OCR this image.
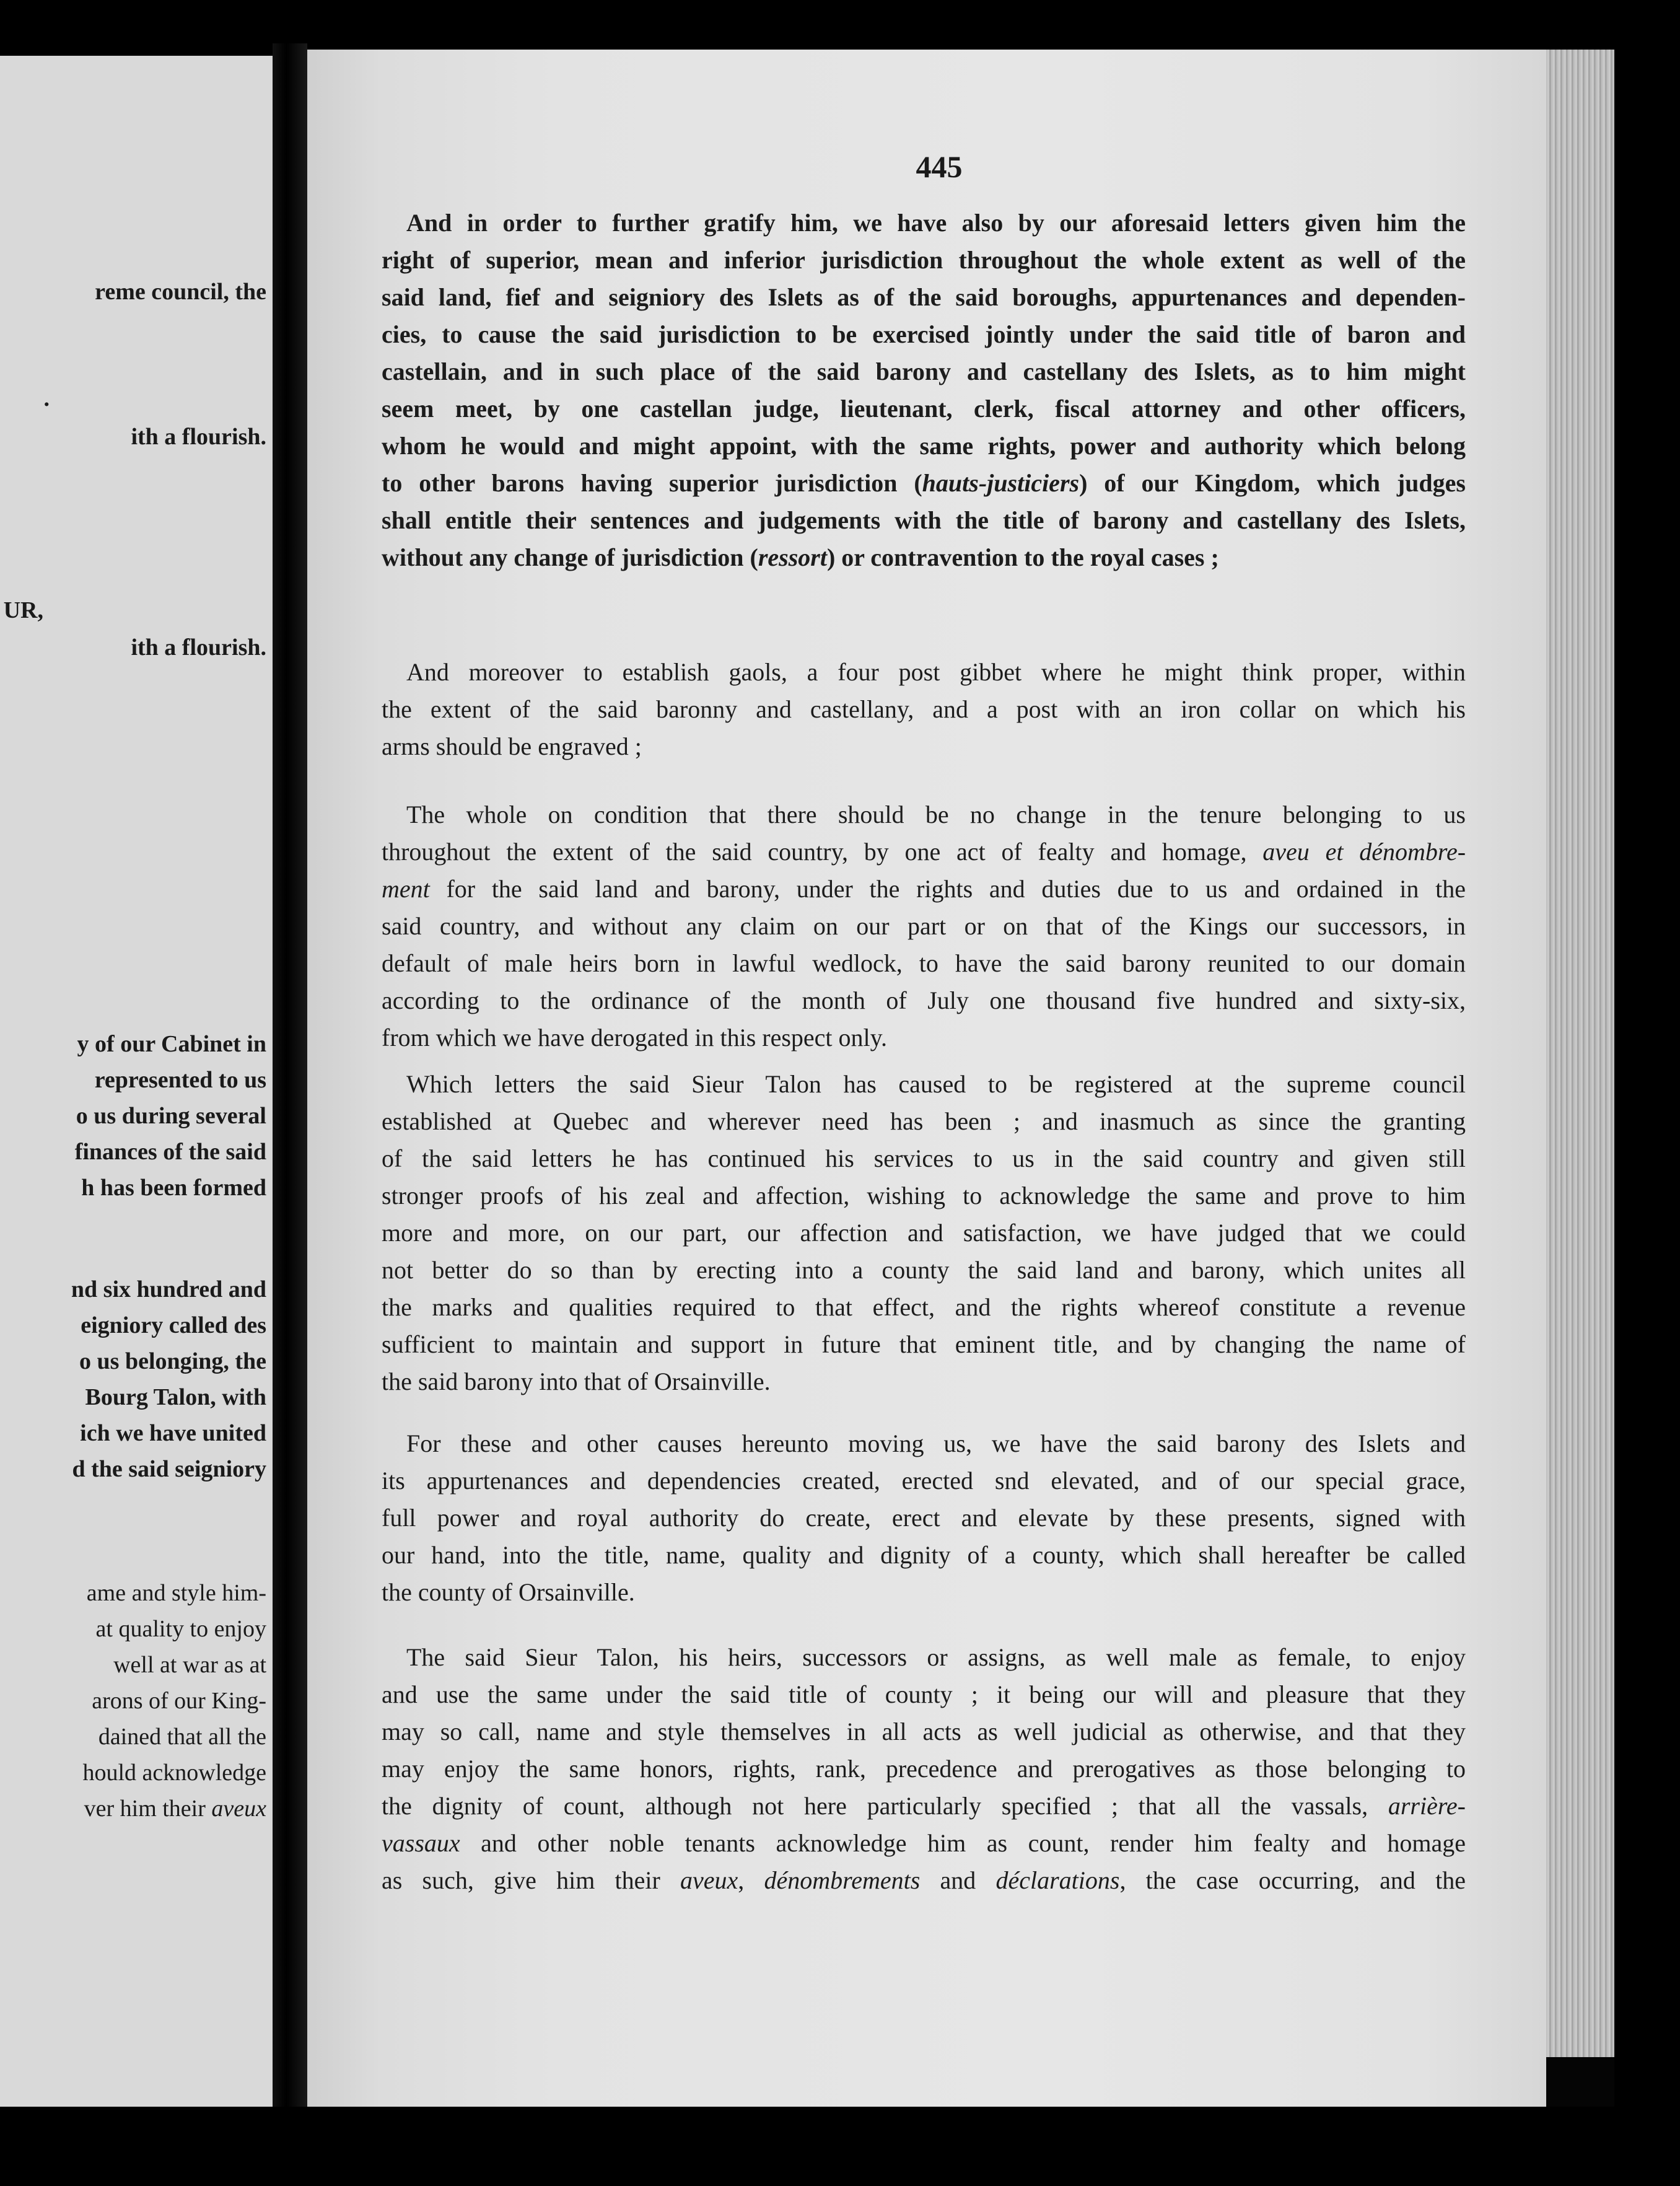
reme council, the
.
ith a flourish.
UR,
ith a flourish.
y of our Cabinet in
represented to us
o us during several
finances of the said
h has been formed
nd six hundred and
eigniory called des
o us belonging, the
Bourg Talon, with
ich we have united
d the said seigniory
ame and style him-
at quality to enjoy
well at war as at
arons of our King-
dained that all the
hould acknowledge
ver him their aveux
445
And in order to further gratify him, we have also by our aforesaid letters given him the
right of superior, mean and inferior jurisdiction throughout the whole extent as well of the
said land, fief and seigniory des Islets as of the said boroughs, appurtenances and dependen-
cies, to cause the said jurisdiction to be exercised jointly under the said title of baron and
castellain, and in such place of the said barony and castellany des Islets, as to him might
seem meet, by one castellan judge, lieutenant, clerk, fiscal attorney and other officers,
whom he would and might appoint, with the same rights, power and authority which belong
to other barons having superior jurisdiction (hauts-justiciers) of our Kingdom, which judges
shall entitle their sentences and judgements with the title of barony and castellany des Islets,
without any change of jurisdiction (ressort) or contravention to the royal cases ;
And moreover to establish gaols, a four post gibbet where he might think proper, within
the extent of the said baronny and castellany, and a post with an iron collar on which his
arms should be engraved ;
The whole on condition that there should be no change in the tenure belonging to us
throughout the extent of the said country, by one act of fealty and homage, aveu et dénombre-
ment for the said land and barony, under the rights and duties due to us and ordained in the
said country, and without any claim on our part or on that of the Kings our successors, in
default of male heirs born in lawful wedlock, to have the said barony reunited to our domain
according to the ordinance of the month of July one thousand five hundred and sixty-six,
from which we have derogated in this respect only.
Which letters the said Sieur Talon has caused to be registered at the supreme council
established at Quebec and wherever need has been ; and inasmuch as since the granting
of the said letters he has continued his services to us in the said country and given still
stronger proofs of his zeal and affection, wishing to acknowledge the same and prove to him
more and more, on our part, our affection and satisfaction, we have judged that we could
not better do so than by erecting into a county the said land and barony, which unites all
the marks and qualities required to that effect, and the rights whereof constitute a revenue
sufficient to maintain and support in future that eminent title, and by changing the name of
the said barony into that of Orsainville.
For these and other causes hereunto moving us, we have the said barony des Islets and
its appurtenances and dependencies created, erected snd elevated, and of our special grace,
full power and royal authority do create, erect and elevate by these presents, signed with
our hand, into the title, name, quality and dignity of a county, which shall hereafter be called
the county of Orsainville.
The said Sieur Talon, his heirs, successors or assigns, as well male as female, to enjoy
and use the same under the said title of county ; it being our will and pleasure that they
may so call, name and style themselves in all acts as well judicial as otherwise, and that they
may enjoy the same honors, rights, rank, precedence and prerogatives as those belonging to
the dignity of count, although not here particularly specified ; that all the vassals, arrière-
vassaux and other noble tenants acknowledge him as count, render him fealty and homage
as such, give him their aveux, dénombrements and déclarations, the case occurring, and the
